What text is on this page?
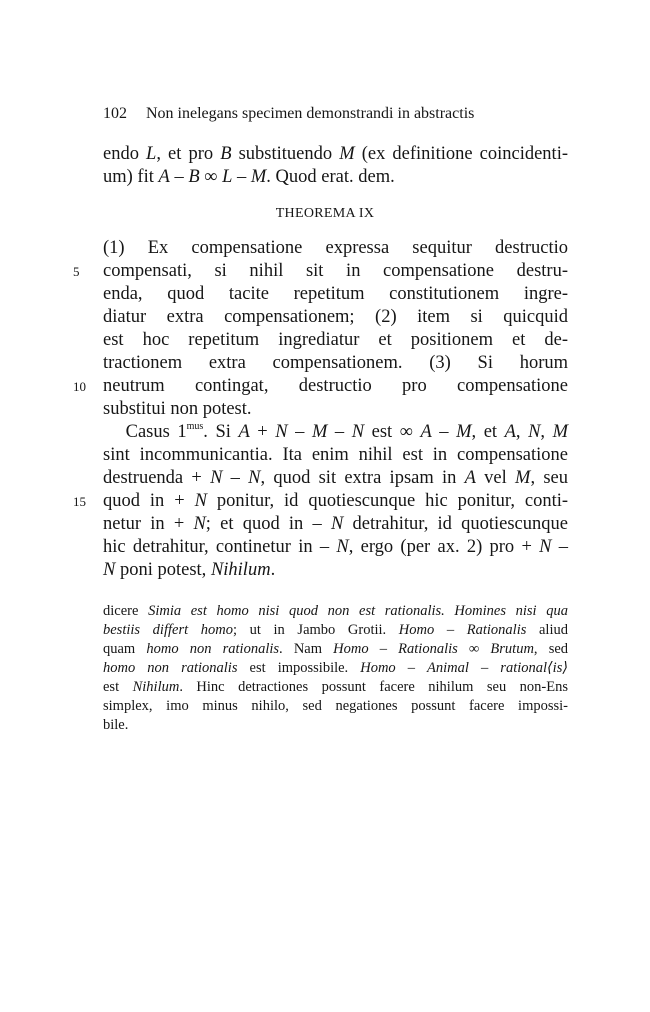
102 Non inelegans specimen demonstrandi in abstractis
endo L, et pro B substituendo M (ex definitione coincidenti-
um) fit A – B ∞ L – M. Quod erat. dem.
THEOREMA IX
(1) Ex compensatione expressa sequitur destructio
compensati, si nihil sit in compensatione destru-
enda, quod tacite repetitum constitutionem ingre-
diatur extra compensationem; (2) item si quicquid
est hoc repetitum ingrediatur et positionem et de-
tractionem extra compensationem. (3) Si horum
neutrum contingat, destructio pro compensatione
substitui non potest.
Casus $1^{mus}$. Si A + N – M – N est ∞ A – M, et A, N, M
sint incommunicantia. Ita enim nihil est in compensatione
destruenda + N – N, quod sit extra ipsam in A vel M, seu
quod in + N ponitur, id quotiescunque hic ponitur, conti-
netur in + N; et quod in – N detrahitur, id quotiescunque
hic detrahitur, continetur in – N, ergo (per ax. 2) pro + N –
N poni potest, Nihilum.
5
10
15
dicere Simia est homo nisi quod non est rationalis. Homines nisi qua
bestiis differt homo; ut in Jambo Grotii. Homo – Rationalis aliud
quam homo non rationalis. Nam Homo – Rationalis ∞ Brutum, sed
homo non rationalis est impossibile. Homo – Animal – rational⟨is⟩
est Nihilum. Hinc detractiones possunt facere nihilum seu non-Ens
simplex, imo minus nihilo, sed negationes possunt facere impossi-
bile.
